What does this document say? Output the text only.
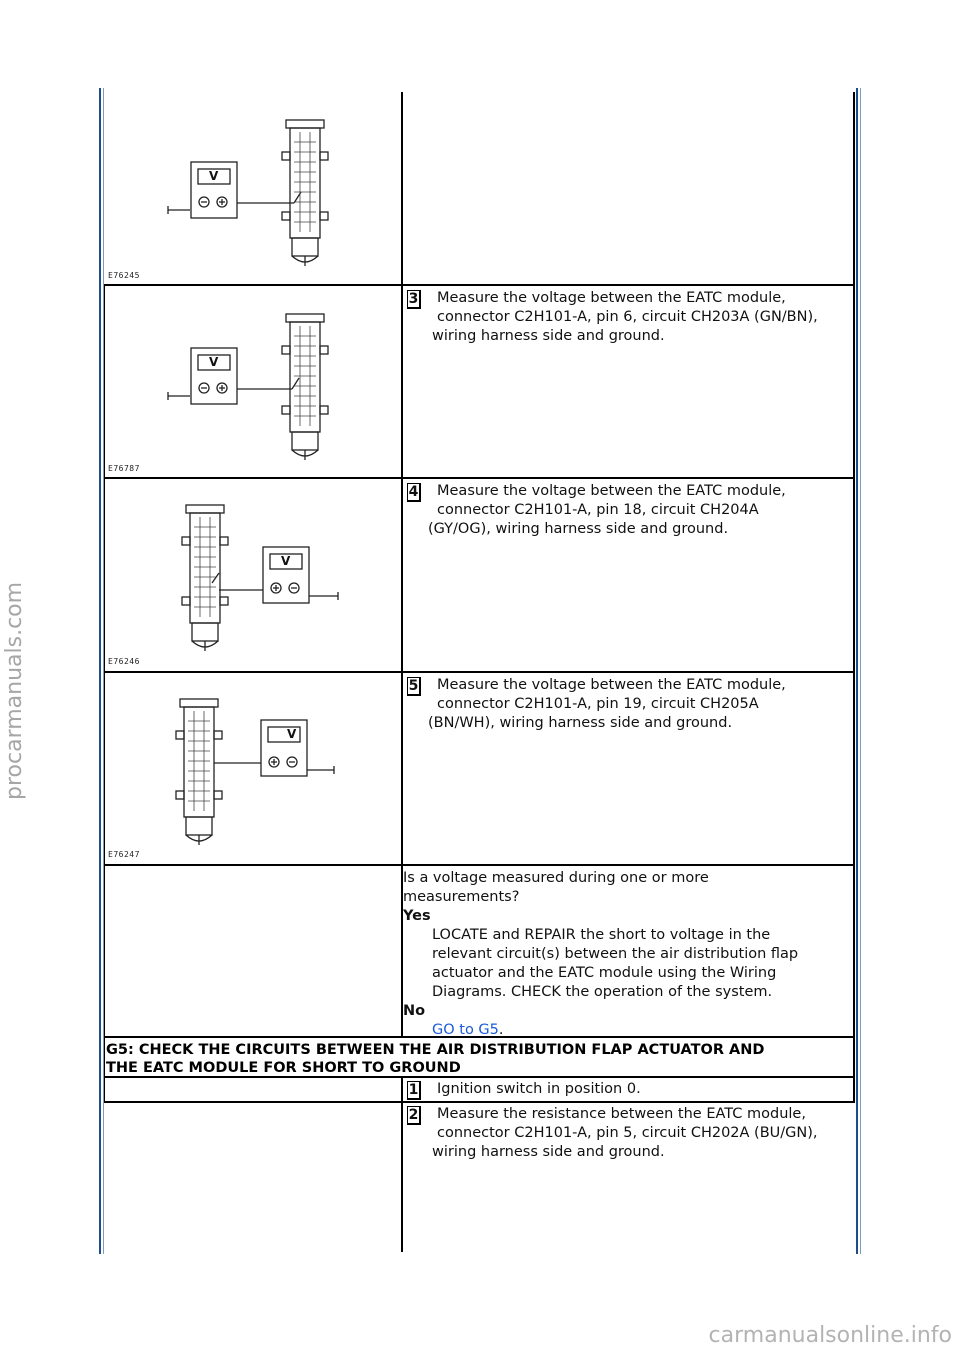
procarmanuals.com
carmanualsonline.info
V
E76245
V
E76787
V
E76246
V
E76247
3	Measure the voltage between the EATC module,
connector C2H101-A, pin 6, circuit CH203A (GN/BN),
wiring harness side and ground.
4	Measure the voltage between the EATC module,
connector C2H101-A, pin 18, circuit CH204A
(GY/OG), wiring harness side and ground.
5	Measure the voltage between the EATC module,
connector C2H101-A, pin 19, circuit CH205A
(BN/WH), wiring harness side and ground.
Is a voltage measured during one or more
measurements?
Yes
LOCATE and REPAIR the short to voltage in the
relevant circuit(s) between the air distribution flap
actuator and the EATC module using the Wiring
Diagrams. CHECK the operation of the system.
No
GO to G5.
G5: CHECK THE CIRCUITS BETWEEN THE AIR DISTRIBUTION FLAP ACTUATOR AND
THE EATC MODULE FOR SHORT TO GROUND
1	Ignition switch in position 0.
2	Measure the resistance between the EATC module,
connector C2H101-A, pin 5, circuit CH202A (BU/GN),
wiring harness side and ground.
